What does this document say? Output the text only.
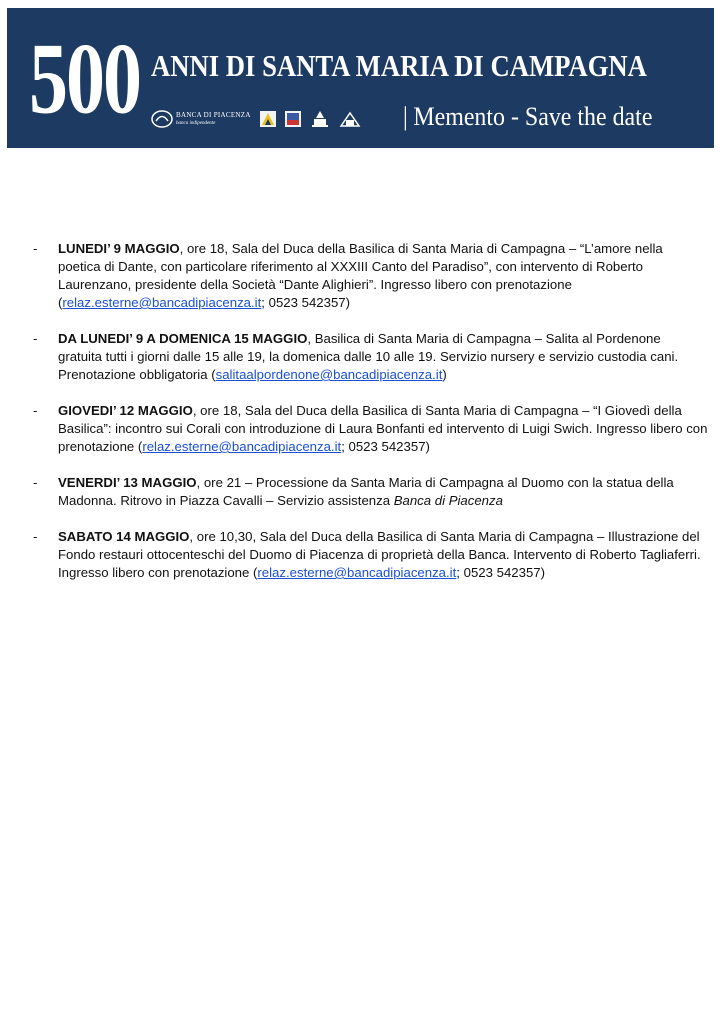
500 ANNI DI SANTA MARIA DI CAMPAGNA
BANCA DI PIACENZA
banca indipendente	| Memento - Save the date
-	LUNEDI’ 9 MAGGIO, ore 18, Sala del Duca della Basilica di Santa Maria di Campagna – “L’amore nella poetica di Dante, con particolare riferimento al XXXIII Canto del Paradiso”, con intervento di Roberto Laurenzano, presidente della Società “Dante Alighieri”. Ingresso libero con prenotazione (relaz.esterne@bancadipiacenza.it; 0523 542357)
-	DA LUNEDI’ 9 A DOMENICA 15 MAGGIO, Basilica di Santa Maria di Campagna – Salita al Pordenone gratuita tutti i giorni dalle 15 alle 19, la domenica dalle 10 alle 19. Servizio nursery e servizio custodia cani. Prenotazione obbligatoria (salitaalpordenone@bancadipiacenza.it)
-	GIOVEDI’ 12 MAGGIO, ore 18, Sala del Duca della Basilica di Santa Maria di Campagna – “I Giovedì della Basilica”: incontro sui Corali con introduzione di Laura Bonfanti ed intervento di Luigi Swich. Ingresso libero con prenotazione (relaz.esterne@bancadipiacenza.it; 0523 542357)
-	VENERDI’ 13 MAGGIO, ore 21 – Processione da Santa Maria di Campagna al Duomo con la statua della Madonna. Ritrovo in Piazza Cavalli – Servizio assistenza Banca di Piacenza
-	SABATO 14 MAGGIO, ore 10,30, Sala del Duca della Basilica di Santa Maria di Campagna – Illustrazione del Fondo restauri ottocenteschi del Duomo di Piacenza di proprietà della Banca. Intervento di Roberto Tagliaferri. Ingresso libero con prenotazione (relaz.esterne@bancadipiacenza.it; 0523 542357)
